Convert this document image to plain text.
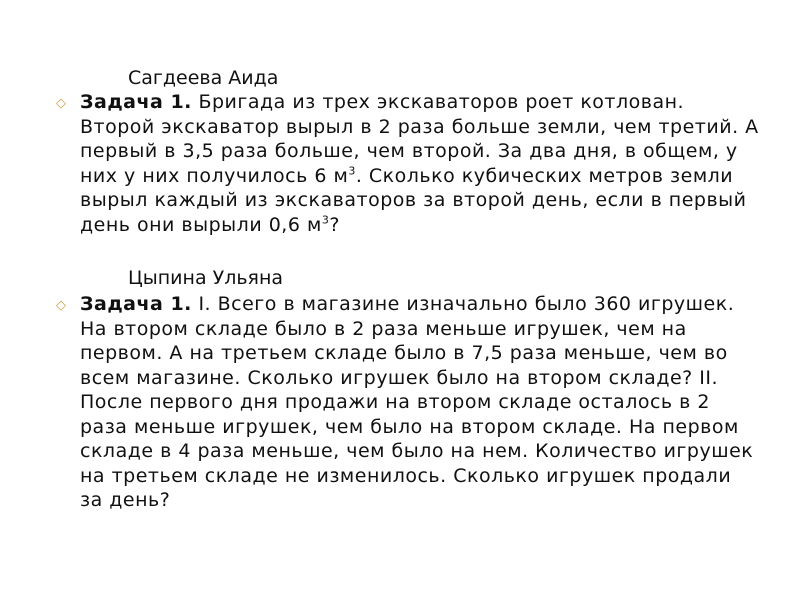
Сагдеева Аида
◇ Задача 1. Бригада из трех экскаваторов роет котлован. Второй экскаватор вырыл в 2 раза больше земли, чем третий. А первый в 3,5 раза больше, чем второй. За два дня, в общем, у них у них получилось 6 $м^3$. Сколько кубических метров земли вырыл каждый из экскаваторов за второй день, если в первый день они вырыли 0,6 $м^3$?
Цыпина Ульяна
◇ Задача 1. I. Всего в магазине изначально было 360 игрушек. На втором складе было в 2 раза меньше игрушек, чем на первом. А на третьем складе было в 7,5 раза меньше, чем во всем магазине. Сколько игрушек было на втором складе? II. После первого дня продажи на втором складе осталось в 2 раза меньше игрушек, чем было на втором складе. На первом складе в 4 раза меньше, чем было на нем. Количество игрушек на третьем складе не изменилось. Сколько игрушек продали за день?
